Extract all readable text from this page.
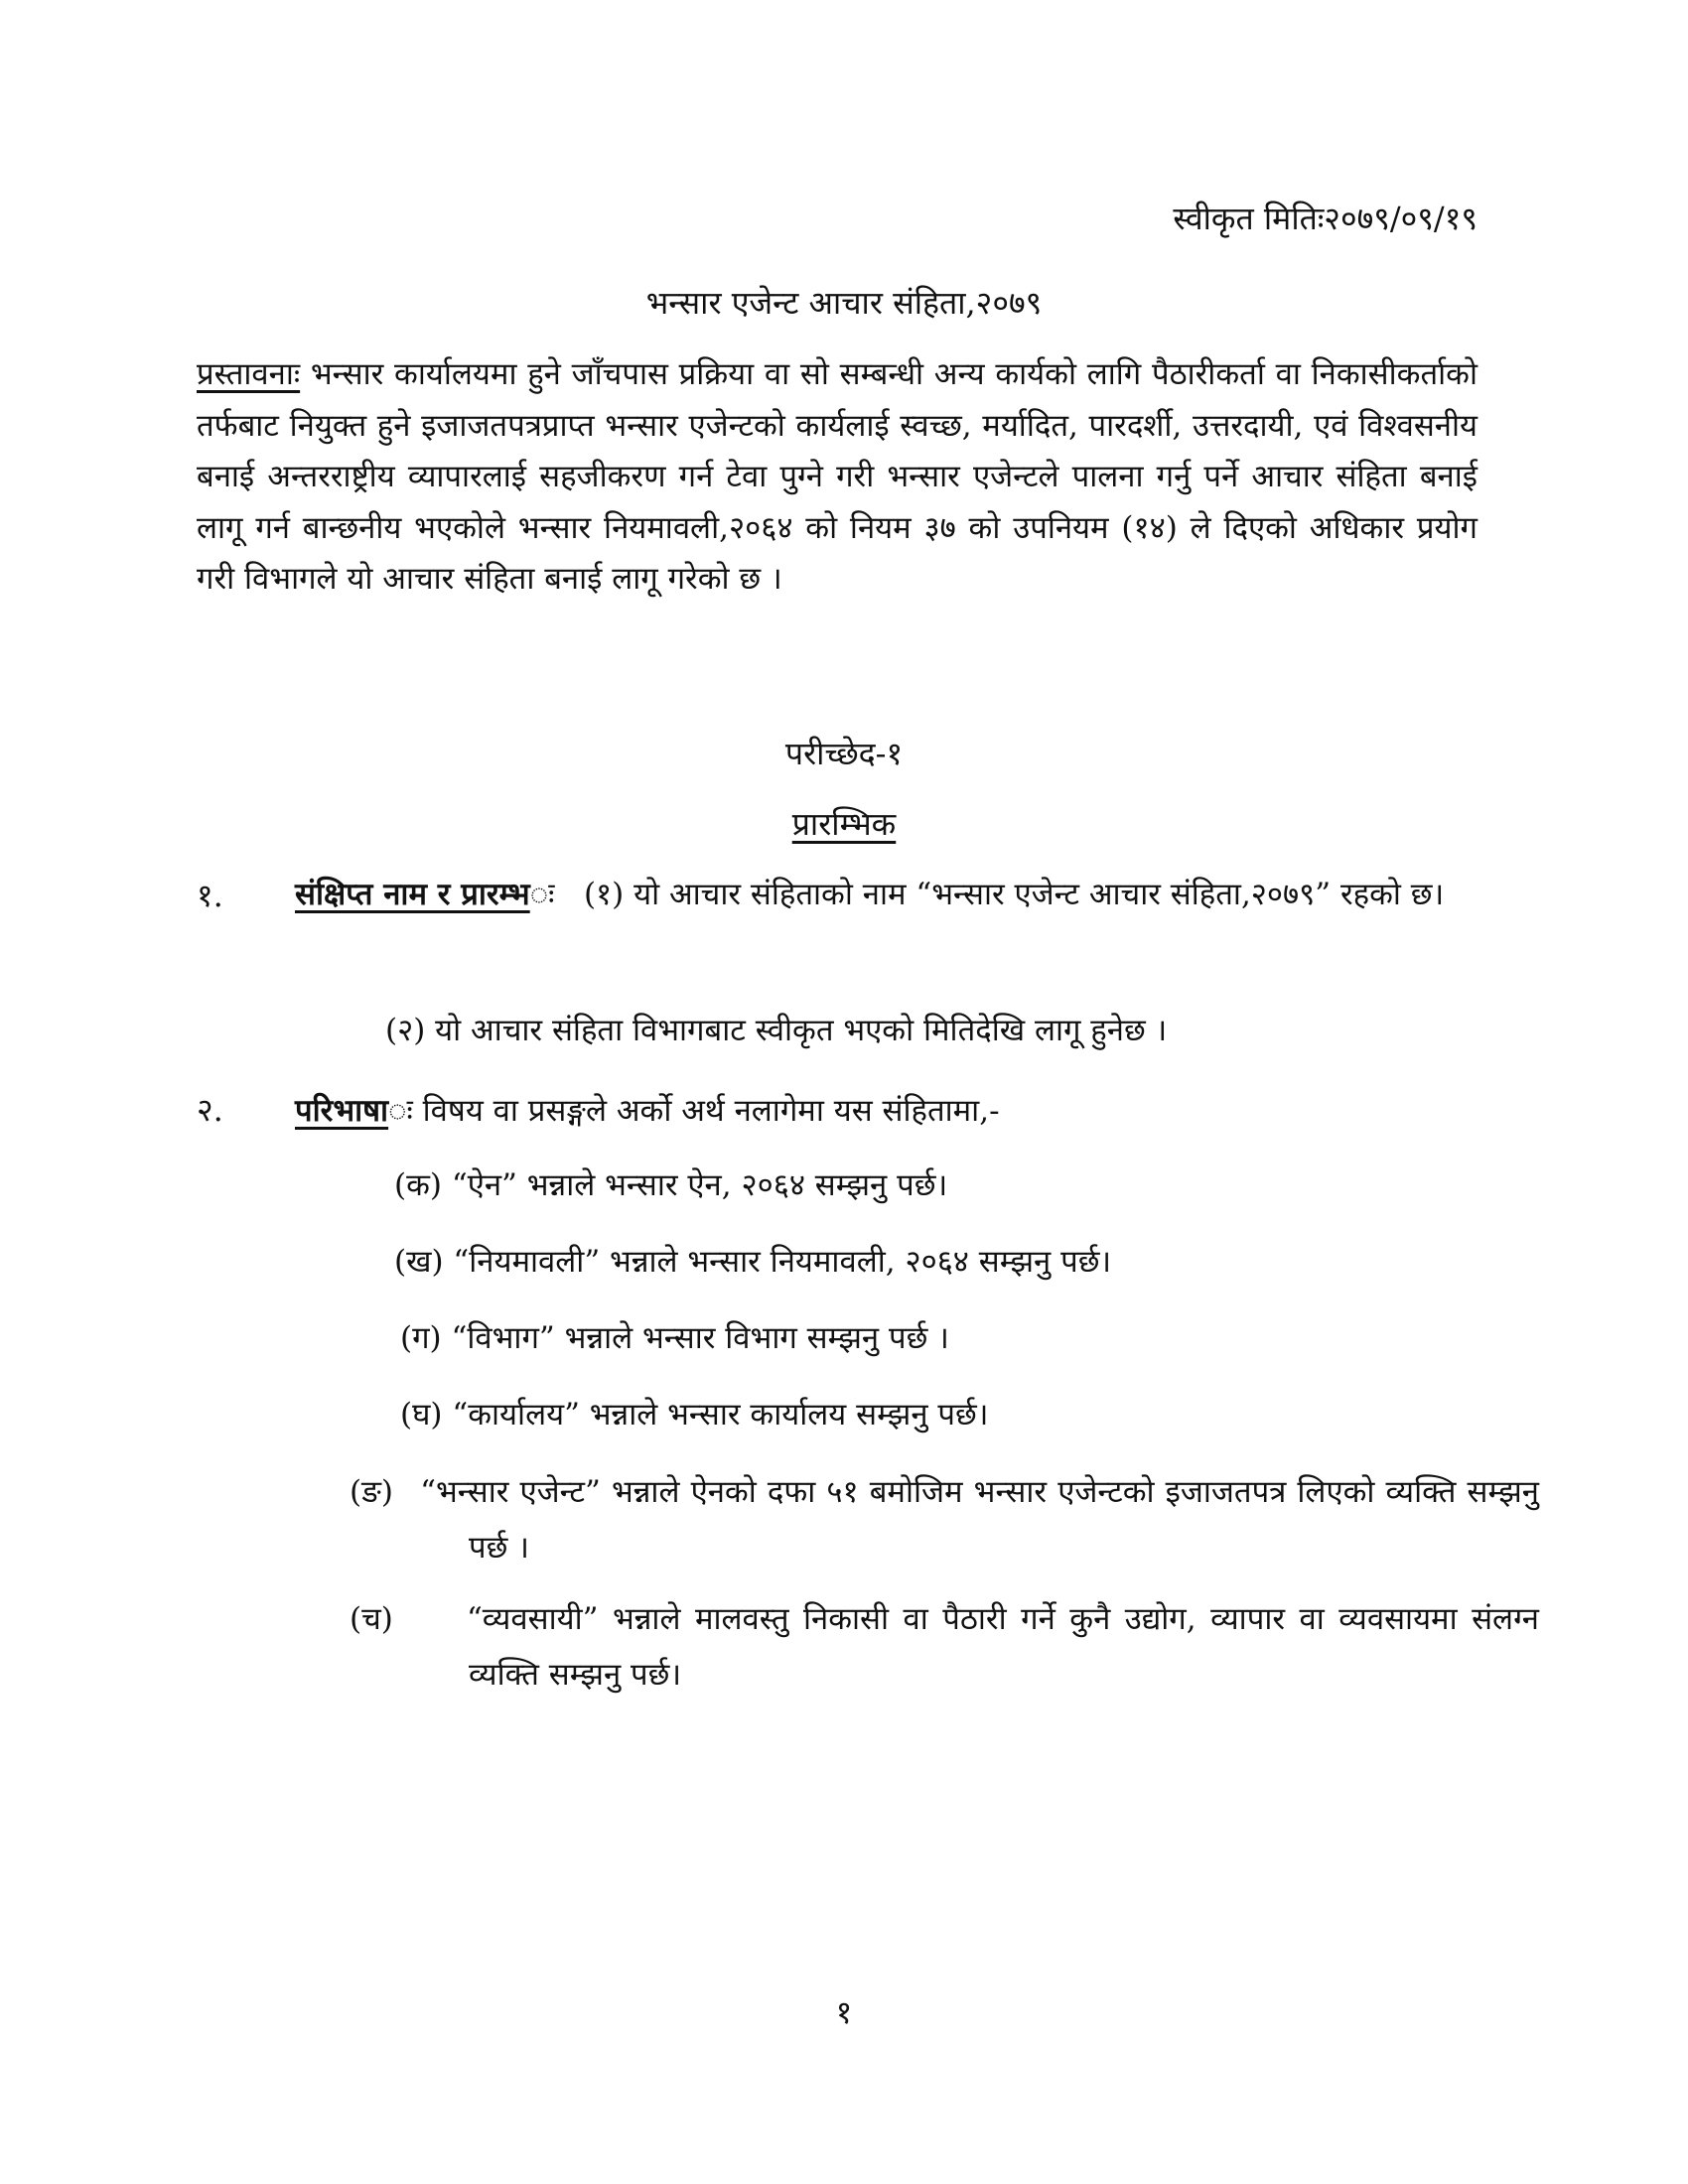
स्वीकृत मितिः२०७९/०९/१९
भन्सार एजेन्ट आचार संहिता,२०७९
प्रस्तावनाः भन्सार कार्यालयमा हुने जाँचपास प्रक्रिया वा सो सम्बन्धी अन्य कार्यको लागि पैठारीकर्ता वा निकासीकर्ताको तर्फबाट नियुक्त हुने इजाजतपत्रप्राप्त भन्सार एजेन्टको कार्यलाई स्वच्छ, मर्यादित, पारदर्शी, उत्तरदायी, एवं विश्वसनीय बनाई अन्तरराष्ट्रीय व्यापारलाई सहजीकरण गर्न टेवा पुग्ने गरी भन्सार एजेन्टले पालना गर्नु पर्ने आचार संहिता बनाई लागू गर्न बान्छनीय भएकोले भन्सार नियमावली,२०६४ को नियम ३७ को उपनियम (१४) ले दिएको अधिकार प्रयोग गरी विभागले यो आचार संहिता बनाई लागू गरेको छ ।
परीच्छेद-१
प्रारम्भिक
१. संक्षिप्त नाम र प्रारम्भः (१) यो आचार संहिताको नाम “भन्सार एजेन्ट आचार संहिता,२०७९” रहको छ।
(२) यो आचार संहिता विभागबाट स्वीकृत भएको मितिदेखि लागू हुनेछ ।
२. परिभाषाः विषय वा प्रसङ्गले अर्को अर्थ नलागेमा यस संहितामा,-
(क) “ऐन” भन्नाले भन्सार ऐन, २०६४ सम्झनु पर्छ।
(ख) “नियमावली” भन्नाले भन्सार नियमावली, २०६४ सम्झनु पर्छ।
(ग) “विभाग” भन्नाले भन्सार विभाग सम्झनु पर्छ ।
(घ) “कार्यालय” भन्नाले भन्सार कार्यालय सम्झनु पर्छ।
(ङ) “भन्सार एजेन्ट” भन्नाले ऐनको दफा ५१ बमोजिम भन्सार एजेन्टको इजाजतपत्र लिएको व्यक्ति सम्झनु पर्छ ।
(च) “व्यवसायी” भन्नाले मालवस्तु निकासी वा पैठारी गर्ने कुनै उद्योग, व्यापार वा व्यवसायमा संलग्न व्यक्ति सम्झनु पर्छ।
१
